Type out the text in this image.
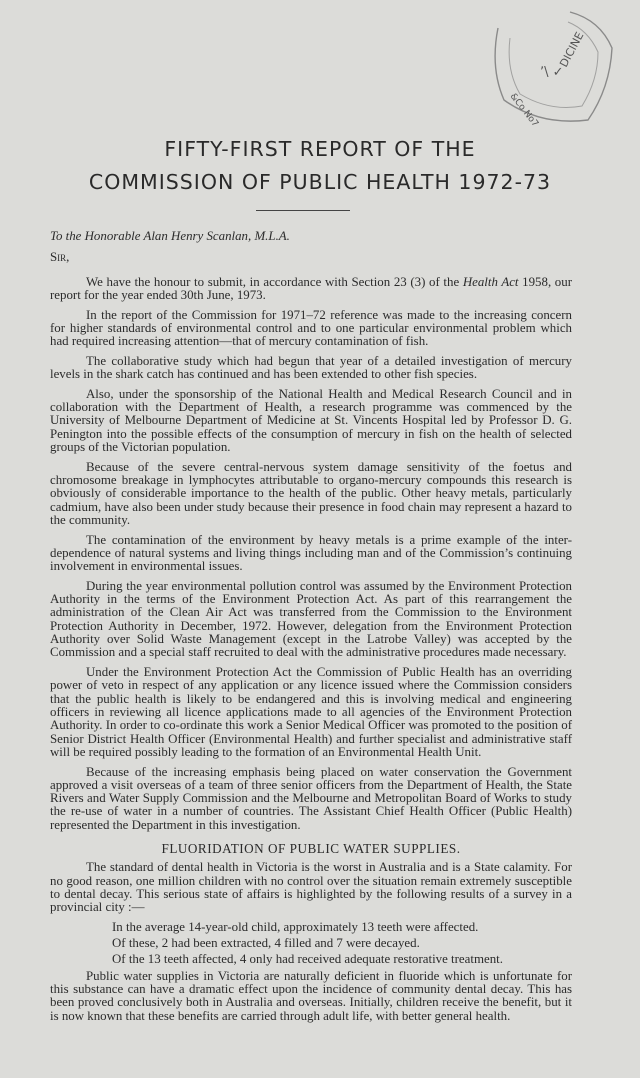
DICINE
&Co No7
ʼ\ ✓
FIFTY-FIRST REPORT OF THE
COMMISSION OF PUBLIC HEALTH 1972-73

To the Honorable Alan Henry Scanlan, M.L.A.

Sir,

We have the honour to submit, in accordance with Section 23 (3) of the Health Act 1958, our report for the year ended 30th June, 1973.

In the report of the Commission for 1971–72 reference was made to the increasing concern for higher standards of environmental control and to one particular environmental problem which had required increasing attention—that of mercury contamination of fish.

The collaborative study which had begun that year of a detailed investigation of mercury levels in the shark catch has continued and has been extended to other fish species.

Also, under the sponsorship of the National Health and Medical Research Council and in collaboration with the Department of Health, a research programme was commenced by the University of Melbourne Department of Medicine at St. Vincents Hospital led by Professor D. G. Penington into the possible effects of the consumption of mercury in fish on the health of selected groups of the Victorian population.

Because of the severe central-nervous system damage sensitivity of the foetus and chromosome breakage in lymphocytes attributable to organo-mercury compounds this research is obviously of considerable importance to the health of the public. Other heavy metals, particularly cadmium, have also been under study because their presence in food chain may represent a hazard to the community.

The contamination of the environment by heavy metals is a prime example of the inter-dependence of natural systems and living things including man and of the Commission’s continuing involvement in environmental issues.

During the year environmental pollution control was assumed by the Environment Protection Authority in the terms of the Environment Protection Act. As part of this rearrangement the administration of the Clean Air Act was transferred from the Commission to the Environment Protection Authority in December, 1972. However, delegation from the Environment Protection Authority over Solid Waste Management (except in the Latrobe Valley) was accepted by the Commission and a special staff recruited to deal with the administrative procedures made necessary.

Under the Environment Protection Act the Commission of Public Health has an overriding power of veto in respect of any application or any licence issued where the Commission considers that the public health is likely to be endangered and this is involving medical and engineering officers in reviewing all licence applications made to all agencies of the Environment Protection Authority. In order to co-ordinate this work a Senior Medical Officer was promoted to the position of Senior District Health Officer (Environmental Health) and further specialist and administrative staff will be required possibly leading to the formation of an Environmental Health Unit.

Because of the increasing emphasis being placed on water conservation the Government approved a visit overseas of a team of three senior officers from the Department of Health, the State Rivers and Water Supply Commission and the Melbourne and Metropolitan Board of Works to study the re-use of water in a number of countries. The Assistant Chief Health Officer (Public Health) represented the Department in this investigation.

FLUORIDATION OF PUBLIC WATER SUPPLIES.

The standard of dental health in Victoria is the worst in Australia and is a State calamity. For no good reason, one million children with no control over the situation remain extremely susceptible to dental decay. This serious state of affairs is highlighted by the following results of a survey in a provincial city :—

In the average 14-year-old child, approximately 13 teeth were affected.

Of these, 2 had been extracted, 4 filled and 7 were decayed.

Of the 13 teeth affected, 4 only had received adequate restorative treatment.

Public water supplies in Victoria are naturally deficient in fluoride which is unfortunate for this substance can have a dramatic effect upon the incidence of community dental decay. This has been proved conclusively both in Australia and overseas. Initially, children receive the benefit, but it is now known that these benefits are carried through adult life, with better general health.
